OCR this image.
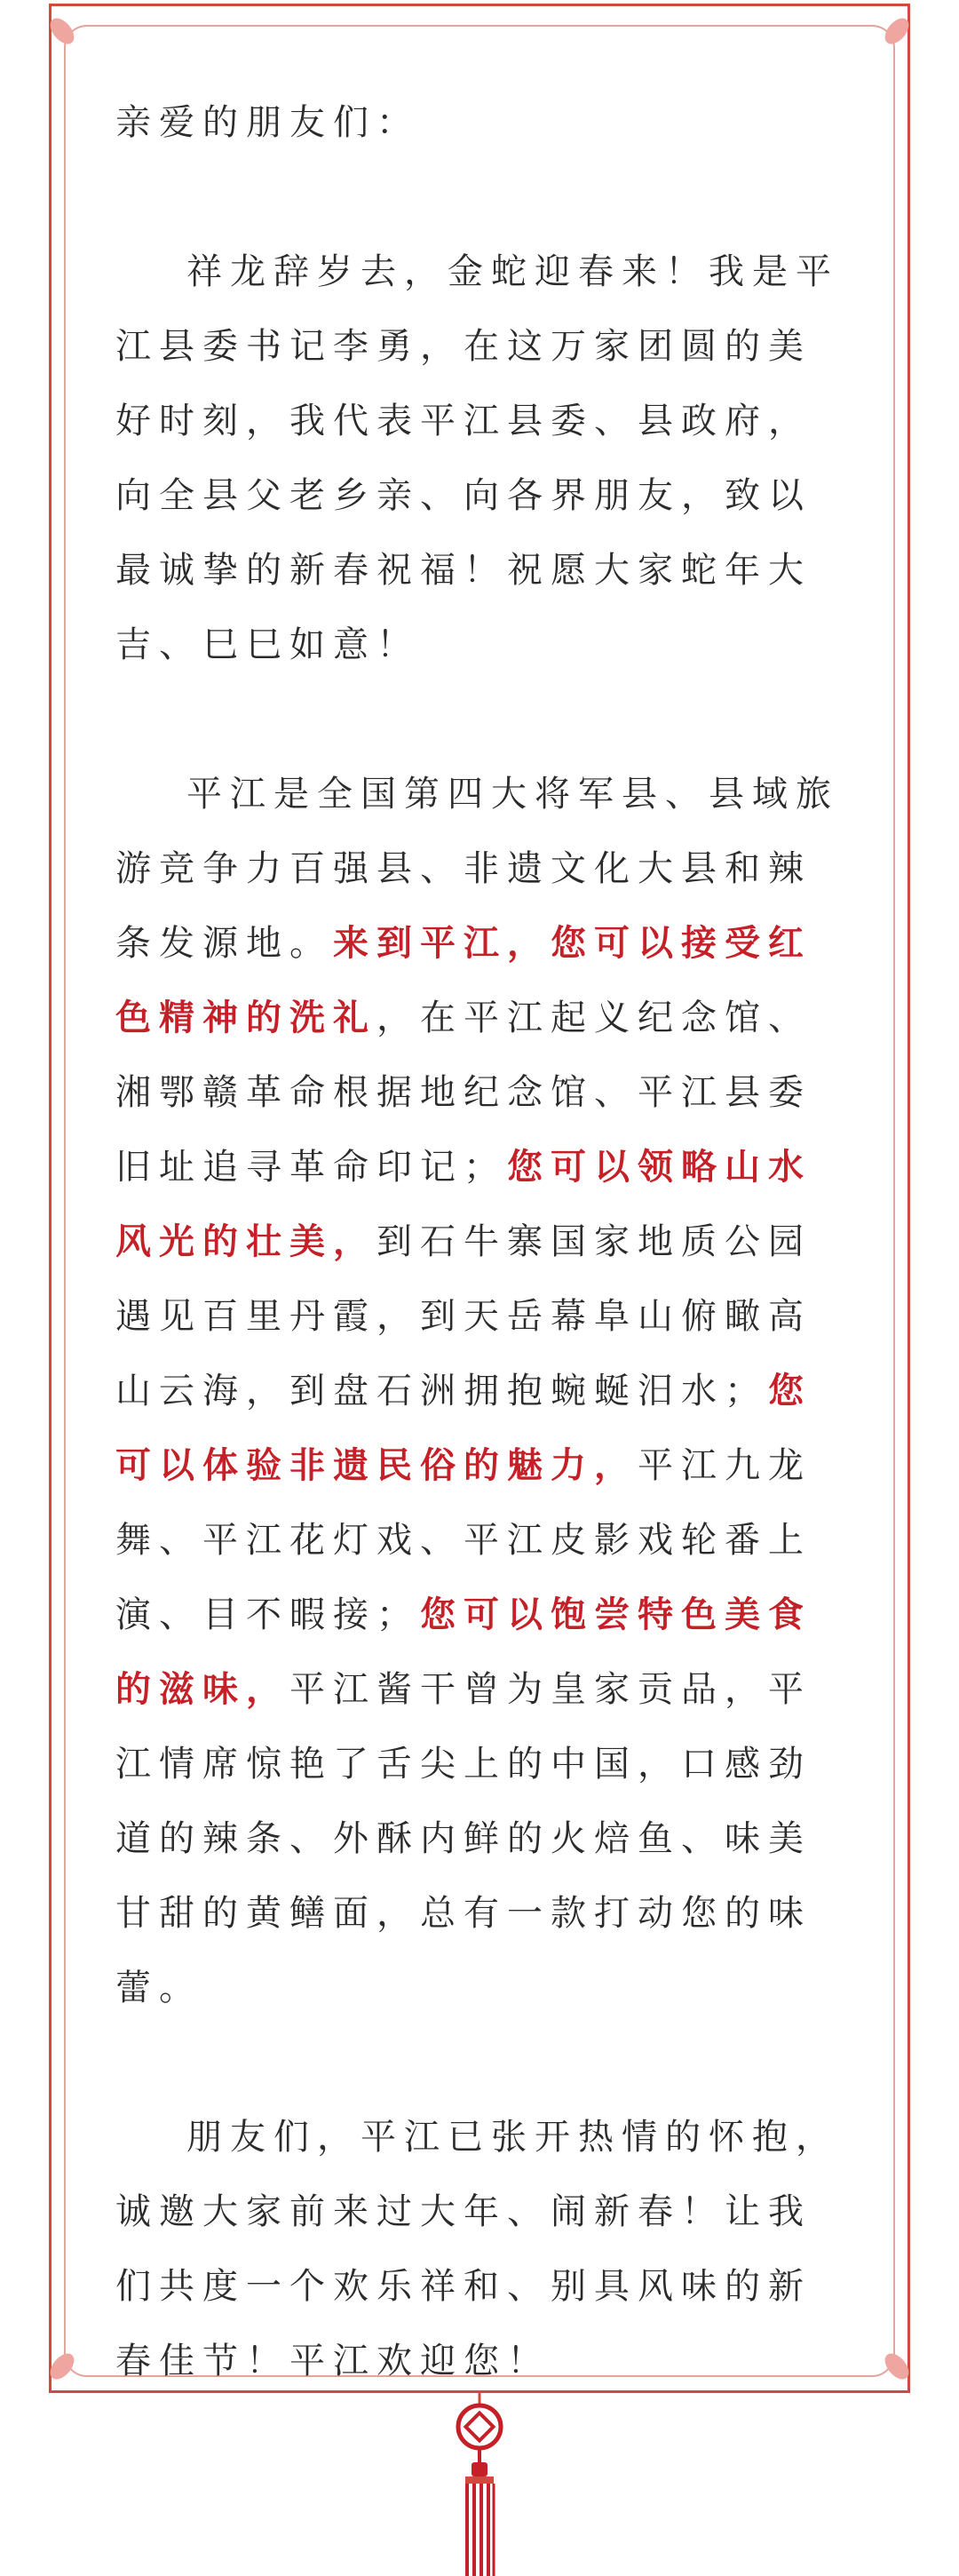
亲爱的朋友们：

祥龙辞岁去，金蛇迎春来！我是平江县委书记李勇，在这万家团圆的美好时刻，我代表平江县委、县政府，向全县父老乡亲、向各界朋友，致以最诚挚的新春祝福！祝愿大家蛇年大吉、巳巳如意！

平江是全国第四大将军县、县域旅游竞争力百强县、非遗文化大县和辣条发源地。来到平江，您可以接受红色精神的洗礼，在平江起义纪念馆、湘鄂赣革命根据地纪念馆、平江县委旧址追寻革命印记；您可以领略山水风光的壮美，到石牛寨国家地质公园遇见百里丹霞，到天岳幕阜山俯瞰高山云海，到盘石洲拥抱蜿蜒汨水；您可以体验非遗民俗的魅力，平江九龙舞、平江花灯戏、平江皮影戏轮番上演、目不暇接；您可以饱尝特色美食的滋味，平江酱干曾为皇家贡品，平江情席惊艳了舌尖上的中国，口感劲道的辣条、外酥内鲜的火焙鱼、味美甘甜的黄鳝面，总有一款打动您的味蕾。

朋友们，平江已张开热情的怀抱，诚邀大家前来过大年、闹新春！让我们共度一个欢乐祥和、别具风味的新春佳节！平江欢迎您！
